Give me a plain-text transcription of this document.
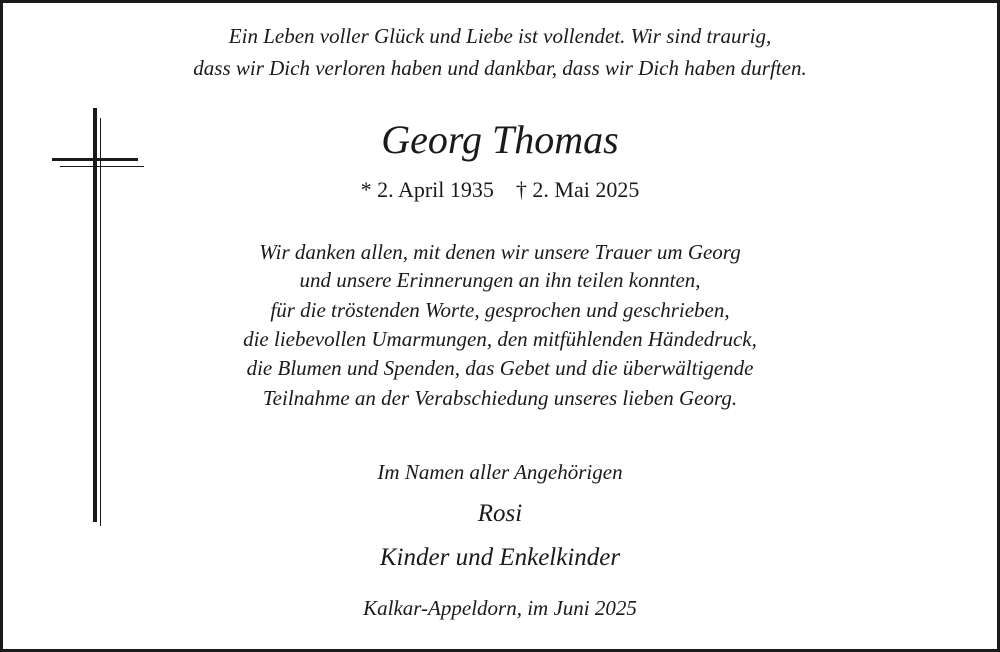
Ein Leben voller Glück und Liebe ist vollendet. Wir sind traurig,
dass wir Dich verloren haben und dankbar, dass wir Dich haben durften.
Georg Thomas
* 2. April 1935    † 2. Mai 2025
Wir danken allen, mit denen wir unsere Trauer um Georg
und unsere Erinnerungen an ihn teilen konnten,
für die tröstenden Worte, gesprochen und geschrieben,
die liebevollen Umarmungen, den mitfühlenden Händedruck,
die Blumen und Spenden, das Gebet und die überwältigende
Teilnahme an der Verabschiedung unseres lieben Georg.
Im Namen aller Angehörigen
Rosi
Kinder und Enkelkinder
Kalkar-Appeldorn, im Juni 2025
